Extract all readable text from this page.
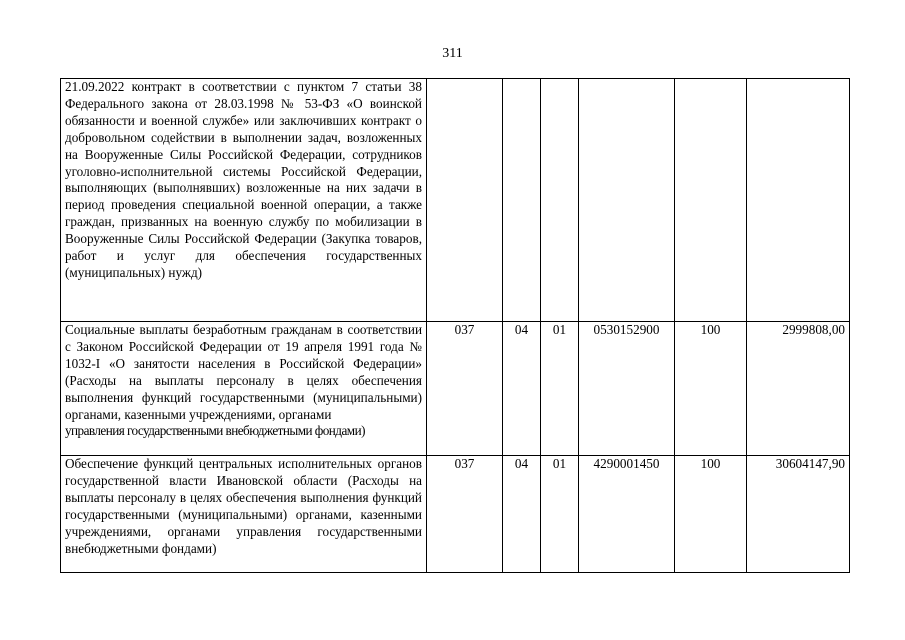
311
21.09.2022 контракт в соответствии с пунктом 7 статьи 38 Федерального закона от 28.03.1998 № 53-ФЗ «О воинской обязанности и военной службе» или заключивших контракт о добровольном содействии в выполнении задач, возложенных на Вооруженные Силы Российской Федерации, сотрудников уголовно-исполнительной системы Российской Федерации, выполняющих (выполнявших) возложенные на них задачи в период проведения специальной военной операции, а также граждан, призванных на военную службу по мобилизации в Вооруженные Силы Российской Федерации (Закупка товаров, работ и услуг для обеспечения государственных (муниципальных) нужд)						

Социальные выплаты безработным гражданам в соответствии с Законом Российской Федерации от 19 апреля 1991 года № 1032-I «О занятости населения в Российской Федерации» (Расходы на выплаты персоналу в целях обеспечения выполнения функций государственными (муниципальными) органами, казенными учреждениями, органами
управления государственными внебюджетными фондами)	037	04	01	0530152900	100	2999808,00

Обеспечение функций центральных исполнительных органов государственной власти Ивановской области (Расходы на выплаты персоналу в целях обеспечения выполнения функций государственными (муниципальными) органами, казенными учреждениями, органами управления государственными внебюджетными фондами)	037	04	01	4290001450	100	30604147,90
